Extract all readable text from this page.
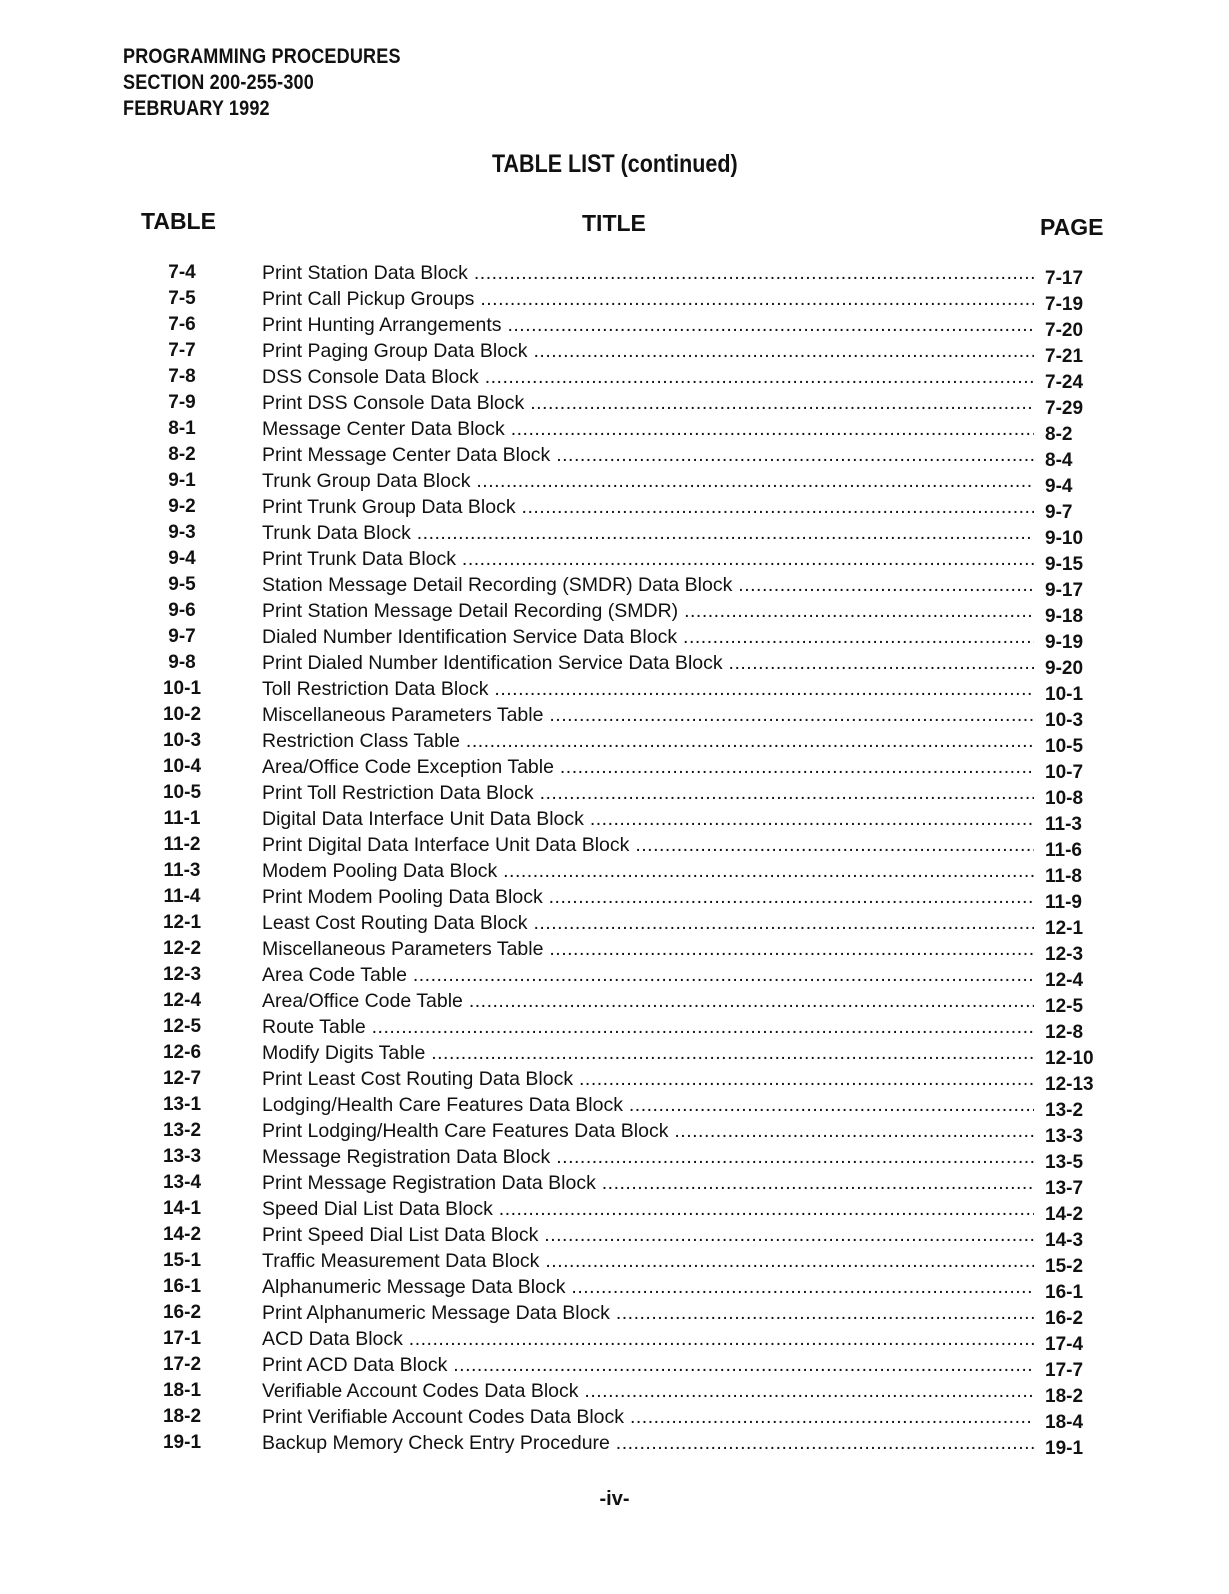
PROGRAMMING PROCEDURES
SECTION 200-255-300
FEBRUARY 1992
TABLE LIST (continued)
TABLE	TITLE	PAGE
7-4	Print Station Data Block .....	7-17
7-5	Print Call Pickup Groups .....	7-19
7-6	Print Hunting Arrangements .....	7-20
7-7	Print Paging Group Data Block .....	7-21
7-8	DSS Console Data Block .....	7-24
7-9	Print DSS Console Data Block .....	7-29
8-1	Message Center Data Block .....	8-2
8-2	Print Message Center Data Block .....	8-4
9-1	Trunk Group Data Block .....	9-4
9-2	Print Trunk Group Data Block .....	9-7
9-3	Trunk Data Block .....	9-10
9-4	Print Trunk Data Block .....	9-15
9-5	Station Message Detail Recording (SMDR) Data Block .....	9-17
9-6	Print Station Message Detail Recording (SMDR) .....	9-18
9-7	Dialed Number Identification Service Data Block .....	9-19
9-8	Print Dialed Number Identification Service Data Block .....	9-20
10-1	Toll Restriction Data Block .....	10-1
10-2	Miscellaneous Parameters Table .....	10-3
10-3	Restriction Class Table .....	10-5
10-4	Area/Office Code Exception Table .....	10-7
10-5	Print Toll Restriction Data Block .....	10-8
11-1	Digital Data Interface Unit Data Block .....	11-3
11-2	Print Digital Data Interface Unit Data Block .....	11-6
11-3	Modem Pooling Data Block .....	11-8
11-4	Print Modem Pooling Data Block .....	11-9
12-1	Least Cost Routing Data Block .....	12-1
12-2	Miscellaneous Parameters Table .....	12-3
12-3	Area Code Table .....	12-4
12-4	Area/Office Code Table .....	12-5
12-5	Route Table .....	12-8
12-6	Modify Digits Table .....	12-10
12-7	Print Least Cost Routing Data Block .....	12-13
13-1	Lodging/Health Care Features Data Block .....	13-2
13-2	Print Lodging/Health Care Features Data Block .....	13-3
13-3	Message Registration Data Block .....	13-5
13-4	Print Message Registration Data Block .....	13-7
14-1	Speed Dial List Data Block .....	14-2
14-2	Print Speed Dial List Data Block .....	14-3
15-1	Traffic Measurement Data Block .....	15-2
16-1	Alphanumeric Message Data Block .....	16-1
16-2	Print Alphanumeric Message Data Block .....	16-2
17-1	ACD Data Block .....	17-4
17-2	Print ACD Data Block .....	17-7
18-1	Verifiable Account Codes Data Block .....	18-2
18-2	Print Verifiable Account Codes Data Block .....	18-4
19-1	Backup Memory Check Entry Procedure .....	19-1
-iv-
